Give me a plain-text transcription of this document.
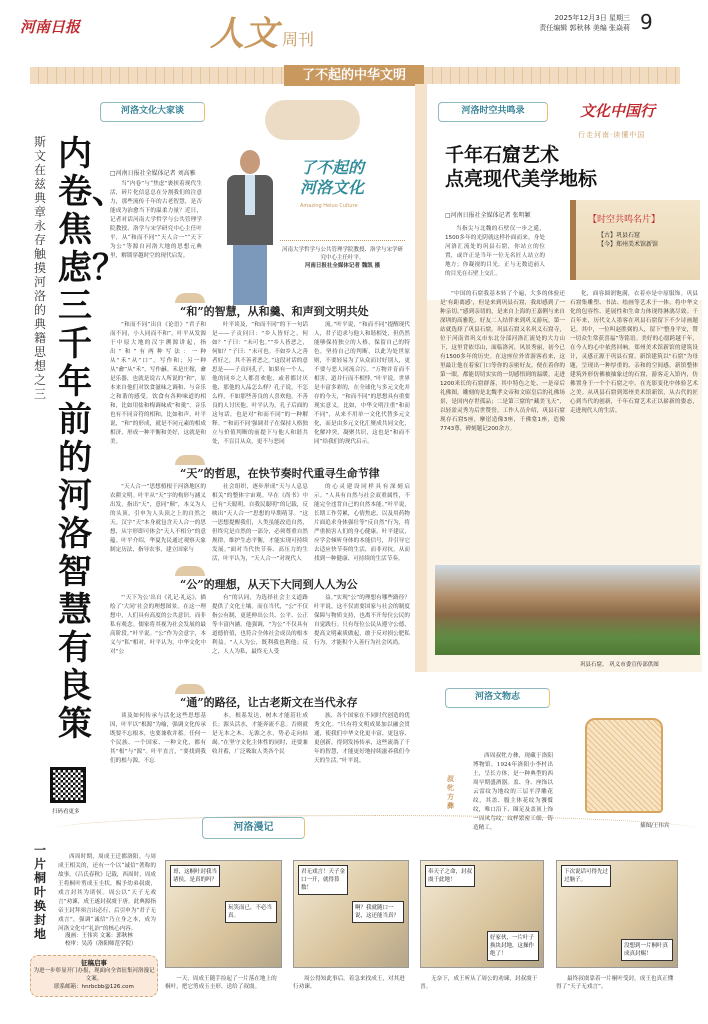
河南日报	人文 周刊
2025年12月3日 星期三
责任编辑 郭秋林 美编 张焱莉 9
了不起的中华文明
河洛文化大家谈
斯文在兹 典章永存 触摸河洛的典籍思想之三
内卷、焦虑？三千年前的河洛智慧有良策
□河南日报社全媒体记者 刘高雅
当“内卷”与“焦虑”裹挟着现代生活，碎片化信息总在分割我们的注意力，那些流传千年的古老智慧，是否能成为治愈当下的温柔力量？近日，记者对话河南大学哲学与公共管理学院教授、洛学与宋学研究中心主任叶平，从“和而不同”“天人合一”“天下为公”等源自河洛大地的思想元典里，解锁穿越时空的现代启发。
了不起的河洛文化
Amazing Heluo Culture
河南大学哲学与公共管理学院教授、洛学与宋学研究中心主任叶平。
河南日报社全媒体记者 魏凯 摄
“和”的智慧，从和羹、和声到文明共处
“和而不同”出自《论语》“君子和而不同，小人同而不和”。叶平从发源于中原大地的汉字溯源讲起，指出“和”有两种写法：一种从“禾”从“口”，写作和；另一种从“龠”从“禾”，写作龢。禾是庄稼，龠是乐器，也就是说古人所说的“和”，原本来自他们对饮食滋味之调和、与音乐之和谐的感受。饮食有各种味道的相和，比如用盐和梅调味成“和羹”，音乐也有不同音符的相和，比如和声。叶平说，“和”的形成，就是不同元素的相成相济，形成一种平衡和美好，这就是和美。
叶平谈及，“和而不同”的下一句话是——子贡问曰：“乡人皆好之，何如？”子曰：“未可也。”“乡人皆恶之，何如？”子曰：“未可也。不如乡人之善者好之，其不善者恶之。”这段对话的意思是——子贡问孔子，如果有一个人，他的同乡之人都喜欢他，或者都讨厌他，那他的人品怎么样？孔子说，不怎么样，不如那些善良的人喜欢他，不善良的人讨厌他。叶平认为，孔子后面的这句话，也是对“和而不同”的一种解释。“‘和而不同’强调君子在保持人格独立与价值判断的前提下与他人和谐共处，不盲目从众，更不与恶同
流。”叶平说，“和而不同”提醒现代人，君子追求与他人和谐相处，但仍然能够保持独立的人格，保留自己的特色，坚持自己的判断，以此为处世原则，不要轻易为了从众而讨好别人，更不要与恶人同流合污。“万物并育而不相害，道并行而不相悖。”叶平说，世界是丰富多彩的，在全球化与多元文化并存的今天，“和而不同”的思想具有重要现实意义。比如，中华文明注重“和而不同”，从来不用单一文化代替多元文化，而是由多元文化汇聚成共同文化，化解冲突，凝聚共识，这也是“和而不同”给我们的现代启示。
“天”的哲思，在快节奏时代重寻生命节律
“天人合一”思想植根于河洛地区的农耕文明。叶平从“天”字的构形与涵义出发，指出“天”，意同“颠”，本义为人的头顶，引申为人头顶之上的自然之天。汉字“天”本身就包含天人合一的思想，从字形即可体会“天人不相分”的意蕴。叶平介绍，华夏先民通过观察天象制定历法，指导农事，建立国家与
社会组织，逐步形成“天与人息息相关”的整体宇宙观。早在《尚书》中已有“天聪明，自我民聪明”的记载，反映出“天人合一”思想的早期萌芽。“这一思想提醒我们，人类虽能改造自然，但终究是自然的一部分，必须尊重自然规律，维护生态平衡，才能实现可持续发展。”面对当代快节奏、高压力的生活，叶平认为，“天人合一”对现代人
的心灵建设同样具有深刻启示。“人具有自然与社会双重属性，不能完全违背自己的自然本能。”叶平说，长期工作劳累，心情焦虑，以及用药物片面追求身体强壮等“反自然”行为，将严重损害人们的身心健康。叶平建议，应学会倾听身体的本能信号，并引导它去适应快节奏的生活，而非对抗，从而找到一种健康、可持续的生活节奏。
“公”的理想，从天下大同到人人为公
“‘天下为公’出自《礼记·礼运》，描绘了‘大同’社会的理想图景。在这一理想中，人们具有高度的公共意识，而非私有观念。儒家将其视为社会发展的最高阶段。”叶平说。“公”作为会意字，本义与“私”相对。叶平认为，中华文化中对“公
有”的认同，为选择社会主义道路提供了文化土壤。而在当代，“公”不仅指公有制，更延伸出公共、公平、公正等丰富内涵。他强调，“为公”不仅具有道德价值，也符合全体社会成员的根本利益。“人人为公，既利我也利他；反之，人人为私，最终无人受
益。”实现“公”的理想有哪些路径？叶平说，这不仅需要国家与社会的制度保障与物质支持，也离不开每位公民的自觉践行。只有每位公民从遵守公德、提高文明素质做起，敢于反对损公肥私行为，才能积个人善行为社会风尚。
“通”的路径，让古老斯文在当代永存
谈及如何传承与活化这些思想基因，叶平以“根源”为喻，强调文化传承既要不忘根本，也要兼收并蓄。任何一个民族、一个国家、一种文化，都有其“根”与“源”。叶平直言，“要找到我们的根与源，不忘
本。根系发达，树木才能茁壮成长；源头活水，才能奔流不息。否则就是无本之木、无源之水，势必走向枯竭。”在坚守文化主体性的同时，还要兼收并蓄，广泛吸取人类各个民
族、各个国家在不同时代创造的优秀文化。“只有将文明成果加以融会贯通，使我们中华文化更丰富、更包容、更创新，得到发扬传承，这些流淌了千年的智慧，才能更好地持续滋养我们今天的生活。”叶平说。
扫码看更多
河洛时空共鸣录	文化中国行
行走河南·读懂中国
千年石窟艺术
点亮现代美学地标
□河南日报社全媒体记者 张明颖
当指尖与北魏的石壁仅一步之遥，1500多年的光阴就这样扑面而来。身处河洛汇流处的巩县石窟，你站立的位置，或许正是当年一位无名匠人站立的地方；你凝视的目光，正与无数追前人的目光在石壁上交汇。
【时空共鸣名片】
【古】巩县石窟
【今】郑州美术馆新馆
“中国的石窟我基本转了个遍，大多的体验还是‘有距离感’，但是来到巩县石窟，我却感到了一种亲切。”感到亲切的，是来自上海的王嘉俐与来自深圳的高雅乾。好友二人结伴来到巩义游玩，第一站就选择了巩县石窟。巩县石窟又名巩义石窟寺，位于河南省巩义市东北分部河洛汇流处的大力山下，这里背依邙山，面临洛河，风景秀丽，初今已有1500多年的历史。在这座位外省游客看来，这里最让他在着家门口等你的亲密好友，便在着你的第一眼，都能切切实实的一切感悟到的温暖。走进1200米长的石窟群落，其中特色之处，一是帝后礼佛图，雕刻的是北魏孝文帝和文昭皇后的礼佛场景，是国内存世孤品；二是第三窟的“藏美飞天”，以轻盈灵秀为后世赞誉。工作人员介绍，巩县石窟现存石窟5座，摩崖造像3座，千佛龛1座，造像7743尊，碑刻题记200余方。
化，面容圆润饱满，衣着亦是中原服饰。巩县石窟集雕塑、书法、绘画等艺术于一体，将中华文化的包容性、延展性和生命力体现得淋漓尽致。千百年来，历代文人墨客在巩县石窟留下不少诗画题记。其中，一位叫赵胜弼的人，留下“整身平安，赞一切众生常获喜福”等铭语。美好的心愿跨越千年，在今人的心中依然回响。郑州美术馆新馆的建筑设计，灵感正源于巩县石窟。新馆建筑以“石窟”为母题，呈现出一种厚重的、亲和的空间感。新馆整体建筑外形仿佛被抽象过的石窟，游客走入馆内，仿佛置身于一个个石窟之中，在光影变化中体验艺术之美。从巩县石窟到郑州美术馆新馆，从古代的匠心到当代的创新，千年石窟艺术正以崭新的姿态，走进现代人的生活。
巩县石窟。 巩义市委宣传部供图
河洛文物志
叔牝方彝
西周叔牝方彝，现藏于洛阳博物馆。1924年洛阳小李村出土，呈长方体，是一种典型的西周早期盛酒器。盖、身、座饰以云雷纹为地纹的三层平浮雕花纹，其盖、腹主体花纹为饕餮纹，唯口沿下、圈足及盖顶上饰一周凤鸟纹，纹样繁密工细，铸造精工。	插图/王伟宾
河洛漫记
一片桐叶换封地
西周时期，周成王迁都洛阳。与周成王相关的，还有一个以“诚信”著称的故事。《吕氏春秋》记载，西周时，周成王将桐叶剪成玉圭状，赐予幼弟叔虞，戏言封其为诸侯。周公以“天子无戏言”劝谏，成王遂封叔虞于唐。此典源指帝王封拜须言出必行，后引申为“君子无戏言”，强调“诚信”乃立身之本，成为河洛文化中“礼治”的核心内容。
漫画：王伟宾 文案：郭秋林
校审：吴涛（洛阳师范学院）
征稿启事
为进一步彰显开门办报，现面向全省征集河洛漫记文案。
联系邮箱：hnrbcbb@126.com
哥，这桐叶封我当诸侯，是真的吗？
玩笑而已，不必当真。
一天，周成王随手捡起了一片落在地上的桐叶，把它剪成玉圭形，送给了叔虞。
君无戏言！天子金口一开，就得算数！
啊？我就随口一说，这还能当真？
周公得知此事后，着急来找成王，对其进行劝谏。
奉天子之命，封叔虞于此地！
好家伙，一片叶子换块封地，这操作绝了！
无奈下，成王听从了周公的劝谏，封叔虞于晋。
下次说话可得先过过脑子。
没想到一片桐叶真成真封赐！
最终叔虞靠着一片桐叶受封，成王也真正懂得了“天子无戏言”。
